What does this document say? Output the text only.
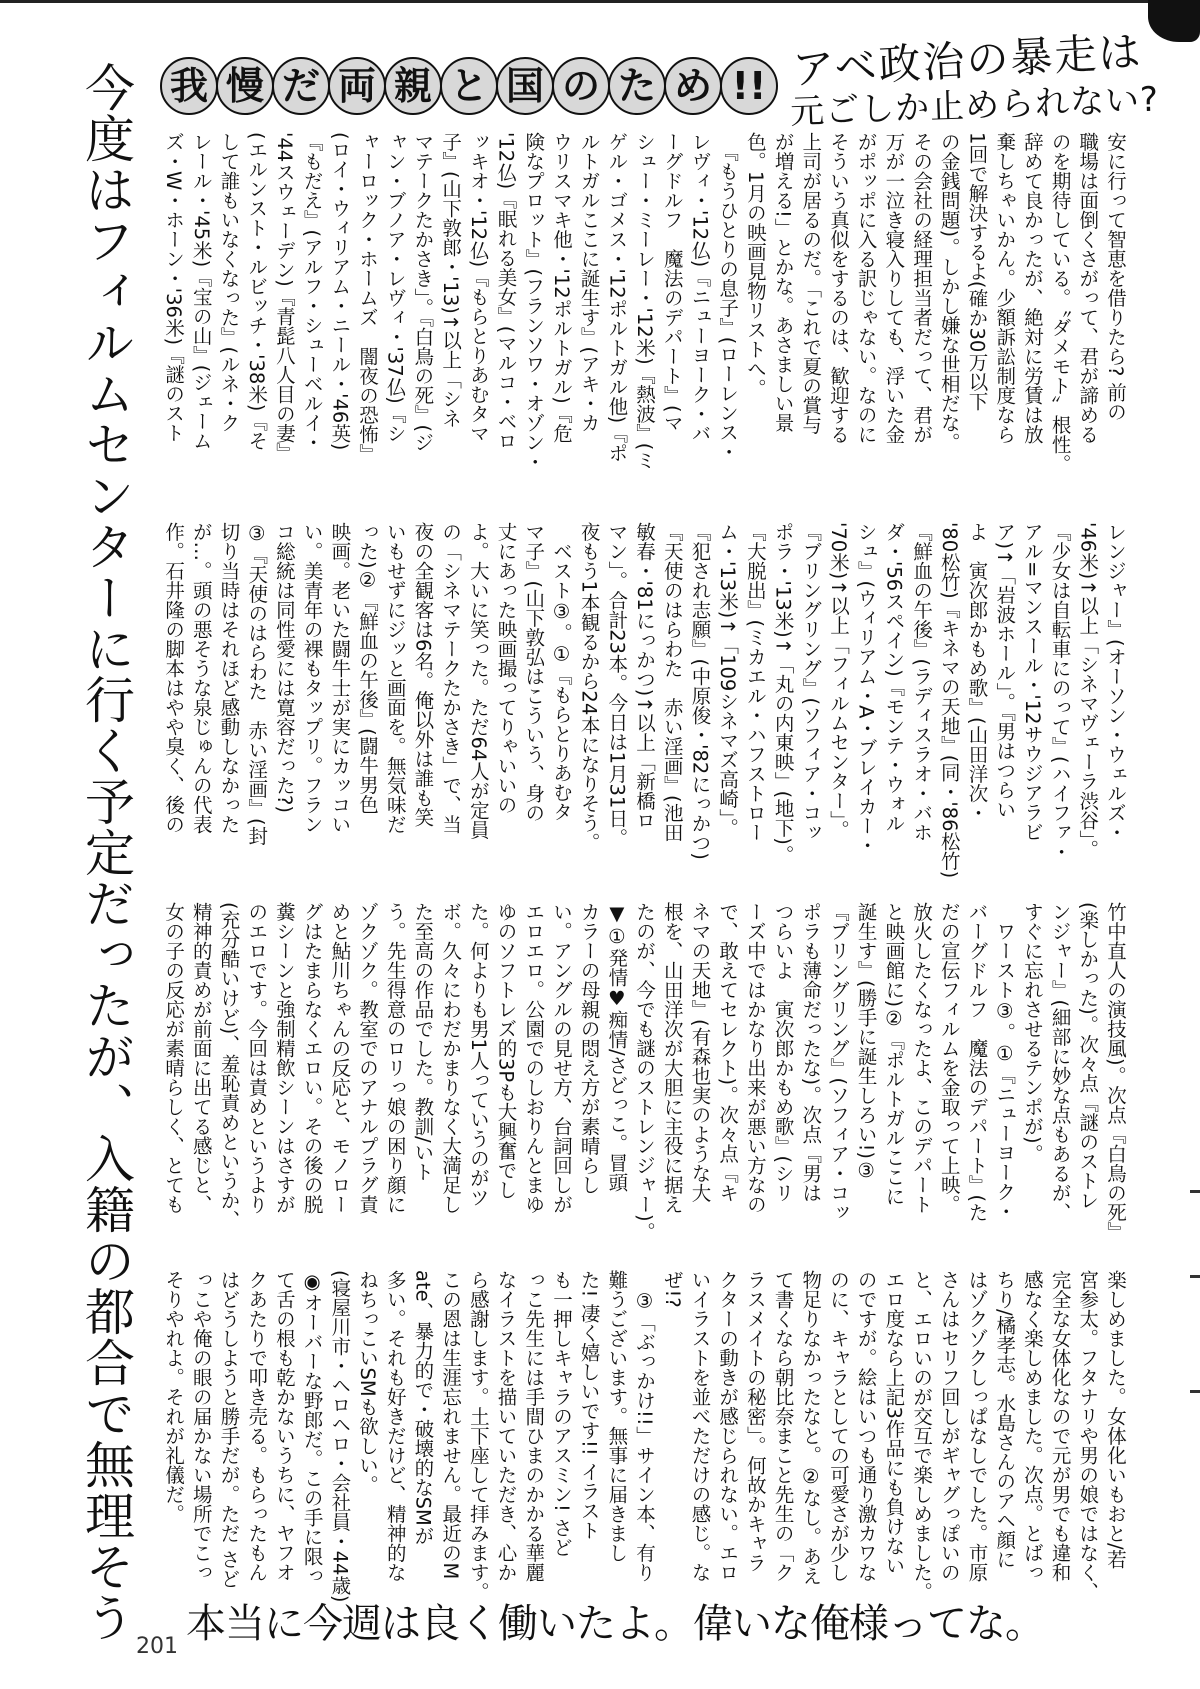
我 慢 だ 両 親 と 国 の た め !! アベ政治の暴走は
元ごしか止められない?
今度はフィルムセンターに行く予定だったが、入籍の都合で無理そう	安に行って智恵を借りたら? 前の
職場は面倒くさがって、君が諦める
のを期待している。〝ダメモト〟根性。
辞めて良かったが、絶対に労賃は放
棄しちゃいかん。少額訴訟制度なら
1回で解決するよ(確か30万以下
の金銭問題)。しかし嫌な世相だな。
その会社の経理担当者だって、君が
万が一泣き寝入りしても、浮いた金
がポッポに入る訳じゃない。なのに
そういう真似をするのは、歓迎する
上司が居るのだ。「これで夏の賞与
が増える!」とかな。あさましい景
色。1月の映画見物リストへ。
　『もうひとりの息子』(ローレンス・
レヴィ・'12仏)『ニューヨーク・バ
ーグドルフ　魔法のデパート』(マ
シュー・ミーレー・'12米)『熱波』(ミ
ゲル・ゴメス・'12ポルトガル他)『ポ
ルトガルここに誕生す』(アキ・カ
ウリスマキ他・'12ポルトガル)『危
険なプロット』(フランソワ・オゾン・
'12仏)『眠れる美女』(マルコ・ベロ
ッキオ・'12仏)『もらとりあむタマ
子』(山下敦郎・'13)↑以上「シネ
マテークたかさき」。『白鳥の死』(ジ
ャン・ブノア・レヴィ・'37仏)『シ
ャーロック・ホームズ　闇夜の恐怖』
(ロイ・ウィリアム・ニール・'46英)
『もだえ』(アルフ・シューベルイ・
'44スウェーデン)『青髭八人目の妻』
(エルンスト・ルビッチ・'38米)『そ
して誰もいなくなった』(ルネ・ク
レール・'45米)『宝の山』(ジェーム
ズ・W・ホーン・'36米)『謎のスト
レンジャー』(オーソン・ウェルズ・
'46米)↑以上「シネマヴェーラ渋谷」。
『少女は自転車にのって』(ハイファ・
アル=マンスール・'12サウジアラビ
ア)↑「岩波ホール」。『男はつらい
よ　寅次郎かもめ歌』(山田洋次・
'80松竹)『キネマの天地』(同・'86松竹)
『鮮血の午後』(ラディスラオ・バホ
ダ・'56スペイン)『モンテ・ウォル
シュ』(ウィリアム・A・ブレイカー・
'70米)↑以上「フィルムセンター」。
『ブリングリング』(ソフィア・コッ
ポラ・'13米)↑「丸の内東映」(地下)。
『大脱出』(ミカエル・ハフストロー
ム・'13米)↑「109シネマズ高崎」。
『犯され志願』(中原俊・'82にっかつ)
『天使のはらわた　赤い淫画』(池田
敏春・'81にっかつ)↑以上「新橋ロ
マン」。合計23本。今日は1月31日。
夜もう1本観るから24本になりそう。
　ベスト③。①『もらとりあむタ
マ子』(山下敦弘はこういう、身の
丈にあった映画撮ってりゃいいの
よ。大いに笑った。ただ64人が定員
の「シネマテークたかさき」で、当
夜の全観客は6名。俺以外は誰も笑
いもせずにジッと画面を。無気味だ
った)②『鮮血の午後』(闘牛男色
映画。老いた闘牛士が実にカッコい
い。美青年の裸もタップリ。フラン
コ総統は同性愛には寛容だった?)
③『天使のはらわた　赤い淫画』(封
切り当時はそれほど感動しなかった
が…。頭の悪そうな泉じゅんの代表
作。石井隆の脚本はやや臭く、後の
竹中直人の演技風)。次点『白鳥の死』
(楽しかった)。次々点『謎のストレ
ンジャー』(細部に妙な点もあるが、
すぐに忘れさせるテンポが)。
　ワースト③。①『ニューヨーク・
バーグドルフ　魔法のデパート』(た
だの宣伝フィルムを金取って上映。
放火したくなったよ、このデパート
と映画館に)②『ポルトガルここに
誕生す』(勝手に誕生しろい!)③
『ブリングリング』(ソフィア・コッ
ポラも薄命だったな)。次点『男は
つらいよ　寅次郎かもめ歌』(シリ
ーズ中ではかなり出来が悪い方なの
で、敢えてセレクト)。次々点『キ
ネマの天地』(有森也実のような大
根を、山田洋次が大胆に主役に据え
たのが、今でも謎のストレンジャー)。
▼①発情♥痴情/さどっこ。冒頭
カラーの母親の悶え方が素晴らし
い。アングルの見せ方、台詞回しが
エロエロ。公園でのしおりんとまゆ
ゆのソフトレズ的3Pも大興奮でし
た。何よりも男1人っていうのがツ
ボ。久々にわだかまりなく大満足し
た至高の作品でした。教訓/いト
う。先生得意のロリっ娘の困り顔に
ゾクゾク。教室でのアナルプラグ責
めと鮎川ちゃんの反応と、モノロー
グはたまらなくエロい。その後の脱
糞シーンと強制精飲シーンはさすが
のエロです。今回は責めというより
(充分酷いけど)、羞恥責めというか、
精神的責めが前面に出てる感じと、
女の子の反応が素晴らしく、とても
楽しめました。女体化いもおと/若
宮参太。フタナリや男の娘ではなく、
完全な女体化なので元が男でも違和
感なく楽しめました。次点。とばっ
ちり/橘孝志。水島さんのアヘ顔に
はゾクゾクしっぱなしでした。市原
さんはセリフ回しがギャグっぽいの
と、エロいのが交互で楽しめました。
エロ度なら上記3作品にも負けない
のですが。絵はいつも通り激カワな
のに、キャラとしての可愛さが少し
物足りなかったなと。②なし。あえ
て書くなら朝比奈まこと先生の「ク
ラスメイトの秘密」。何故かキャラ
クターの動きが感じられない。エロ
いイラストを並べただけの感じ。な
ぜ!?
　③「ぶっかけ!!」サイン本、有り
難うございます。無事に届きまし
た! 凄く嬉しいです!! イラスト
も一押しキャラのアスミン! さど
っこ先生には手間ひまのかかる華麗
なイラストを描いていただき、心か
ら感謝します。土下座して拝みます。
この恩は生涯忘れません。最近のM
ate、暴力的で・破壊的なSMが
多い。それも好きだけど、精神的な
ねちっこいSMも欲しい。
(寝屋川市・ヘロヘロ・会社員・44歳)
◉オーバーな野郎だ。この手に限っ
て舌の根も乾かないうちに、ヤフオ
クあたりで叩き売る。もらったもん
はどうしようと勝手だが。ただ さど
っこや俺の眼の届かない場所でこっ
そりやれよ。それが礼儀だ。
201 本当に今週は良く働いたよ。偉いな俺様ってな。
